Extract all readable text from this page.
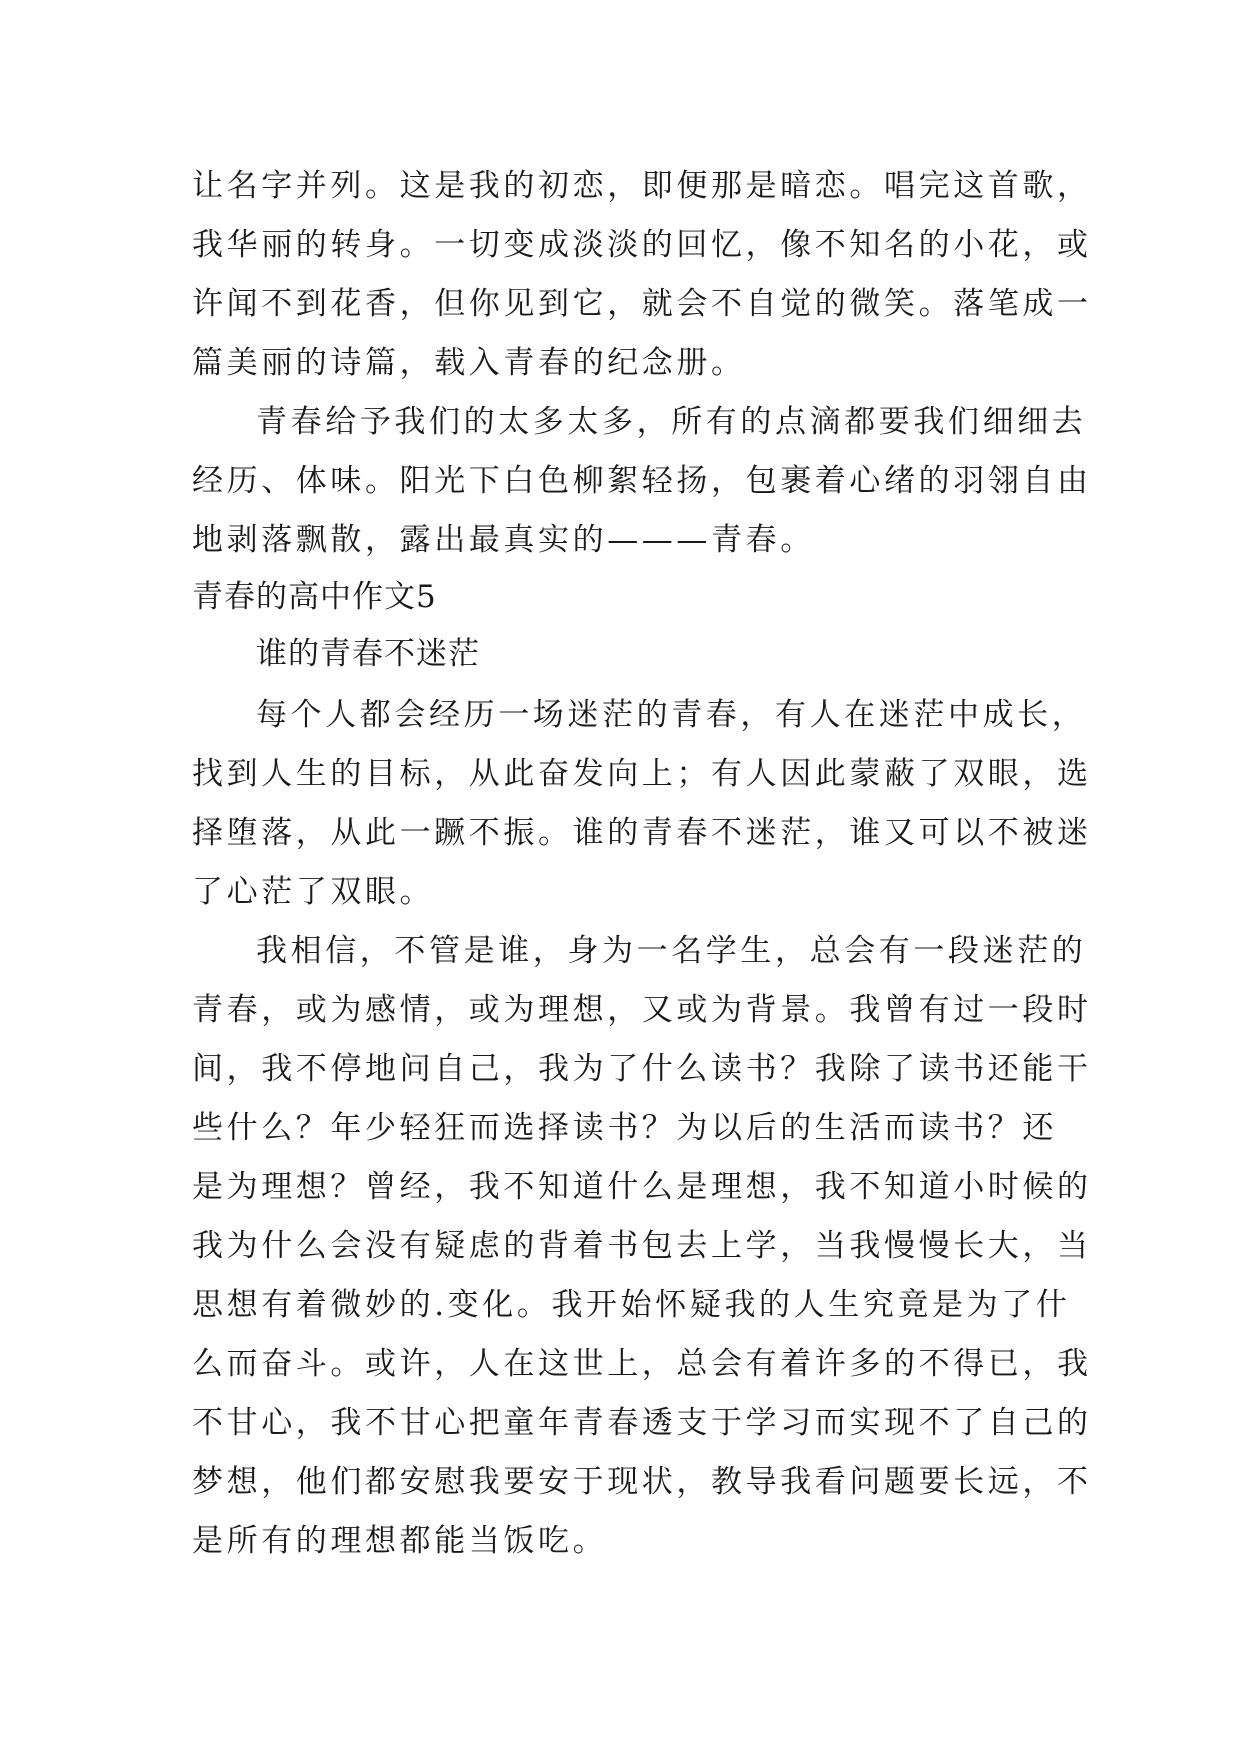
让名字并列。这是我的初恋，即便那是暗恋。唱完这首歌，
我华丽的转身。一切变成淡淡的回忆，像不知名的小花，或
许闻不到花香，但你见到它，就会不自觉的微笑。落笔成一
篇美丽的诗篇，载入青春的纪念册。
青春给予我们的太多太多，所有的点滴都要我们细细去
经历、体味。阳光下白色柳絮轻扬，包裹着心绪的羽翎自由
地剥落飘散，露出最真实的———青春。
青春的高中作文5
谁的青春不迷茫
每个人都会经历一场迷茫的青春，有人在迷茫中成长，
找到人生的目标，从此奋发向上；有人因此蒙蔽了双眼，选
择堕落，从此一蹶不振。谁的青春不迷茫，谁又可以不被迷
了心茫了双眼。
我相信，不管是谁，身为一名学生，总会有一段迷茫的
青春，或为感情，或为理想，又或为背景。我曾有过一段时
间，我不停地问自己，我为了什么读书？我除了读书还能干
些什么？年少轻狂而选择读书？为以后的生活而读书？还
是为理想？曾经，我不知道什么是理想，我不知道小时候的
我为什么会没有疑虑的背着书包去上学，当我慢慢长大，当
思想有着微妙的.变化。我开始怀疑我的人生究竟是为了什
么而奋斗。或许，人在这世上，总会有着许多的不得已，我
不甘心，我不甘心把童年青春透支于学习而实现不了自己的
梦想，他们都安慰我要安于现状，教导我看问题要长远，不
是所有的理想都能当饭吃。
